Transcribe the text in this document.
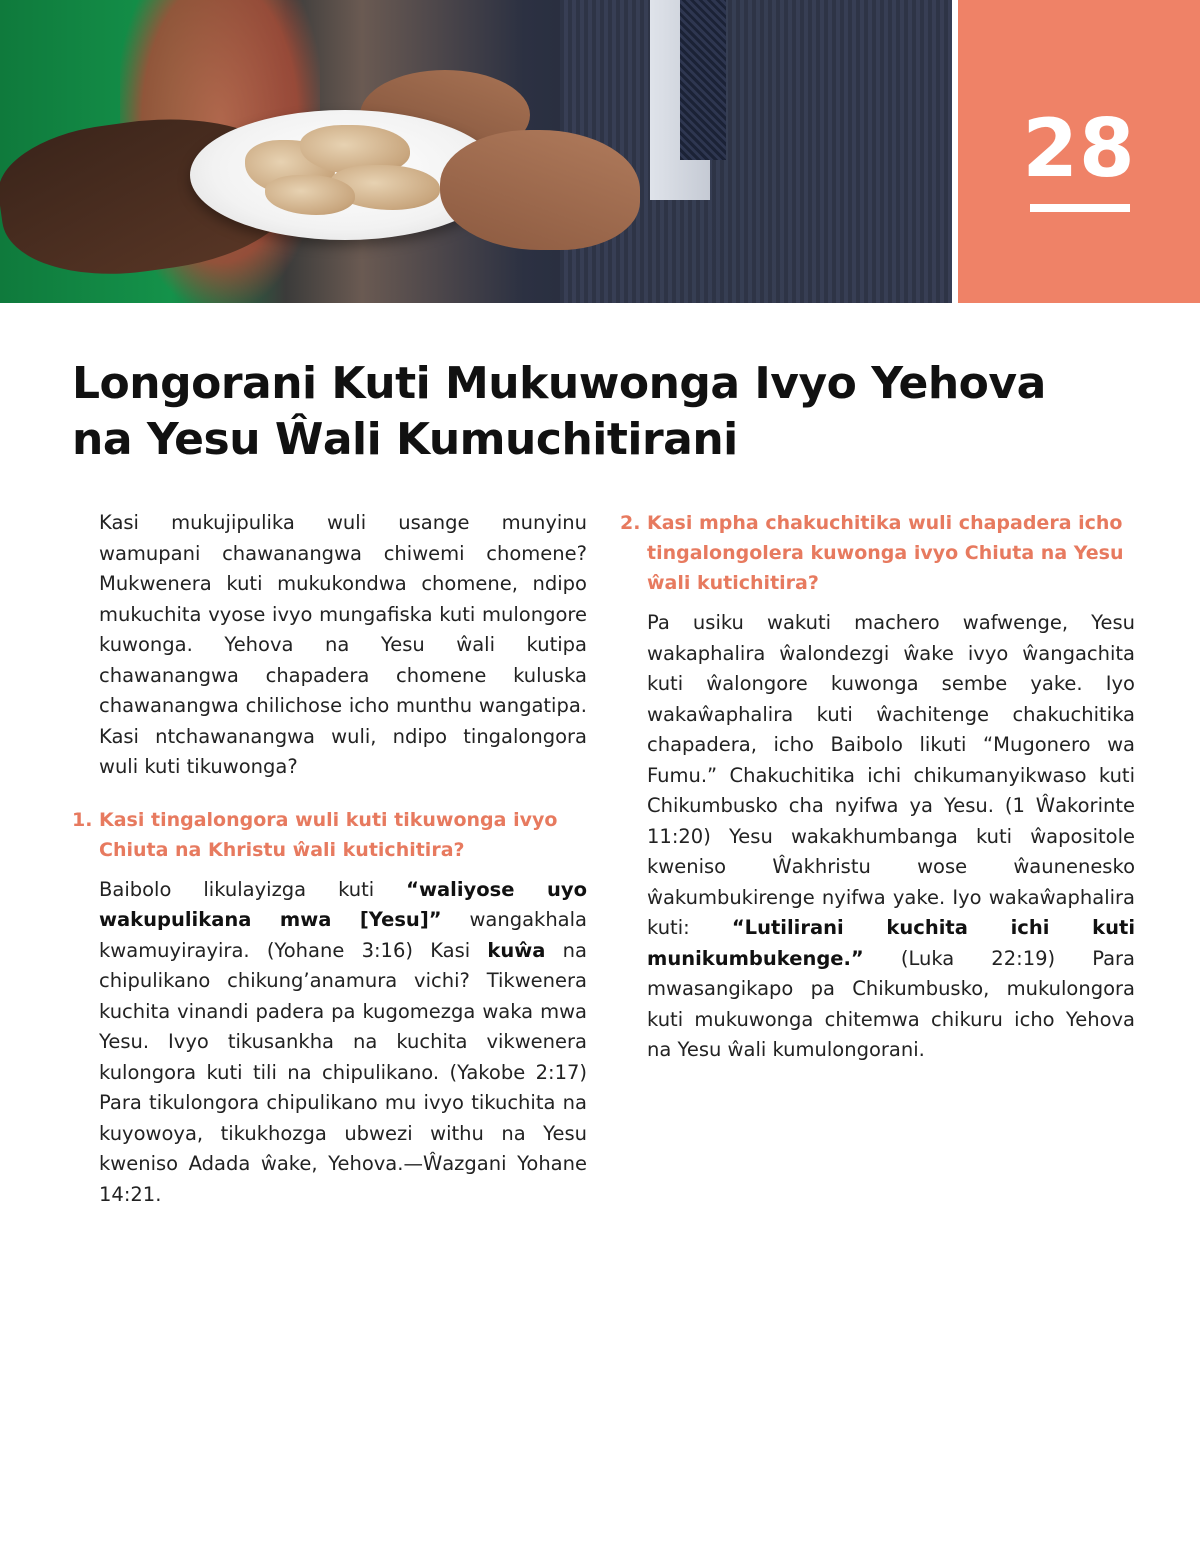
28
Longorani Kuti Mukuwonga Ivyo Yehova
na Yesu Ŵali Kumuchitirani

Kasi mukujipulika wuli usange munyinu wamupani chawanangwa chiwemi chomene? Mukwenera kuti mukukondwa chomene, ndipo mukuchita vyose ivyo mungafiska kuti mulongore kuwonga. Yehova na Yesu ŵali kutipa chawanangwa chapadera chomene kuluska chawanangwa chilichose icho munthu wangatipa. Kasi ntchawanangwa wuli, ndipo tingalongora wuli kuti tikuwonga?

1. Kasi tingalongora wuli kuti tikuwonga ivyo Chiuta na Khristu ŵali kutichitira?

Baibolo likulayizga kuti “waliyose uyo wakupulikana mwa [Yesu]” wangakhala kwamuyirayira. (Yohane 3:16) Kasi kuŵa na chipulikano chikung’anamura vichi? Tikwenera kuchita vinandi padera pa kugomezga waka mwa Yesu. Ivyo tikusankha na kuchita vikwenera kulongora kuti tili na chipulikano. (Yakobe 2:17) Para tikulongora chipulikano mu ivyo tikuchita na kuyowoya, tikukhozga ubwezi withu na Yesu kweniso Adada ŵake, Yehova.—Ŵazgani Yohane 14:21.

2. Kasi mpha chakuchitika wuli chapadera icho tingalongolera kuwonga ivyo Chiuta na Yesu ŵali kutichitira?

Pa usiku wakuti machero wafwenge, Yesu wakaphalira ŵalondezgi ŵake ivyo ŵangachita kuti ŵalongore kuwonga sembe yake. Iyo wakaŵaphalira kuti ŵachitenge chakuchitika chapadera, icho Baibolo likuti “Mugonero wa Fumu.” Chakuchitika ichi chikumanyikwaso kuti Chikumbusko cha nyifwa ya Yesu. (1 Ŵakorinte 11:20) Yesu wakakhumbanga kuti ŵapositole kweniso Ŵakhristu wose ŵaunenesko ŵakumbukirenge nyifwa yake. Iyo wakaŵaphalira kuti: “Lutilirani kuchita ichi kuti munikumbukenge.” (Luka 22:19) Para mwasangikapo pa Chikumbusko, mukulongora kuti mukuwonga chitemwa chikuru icho Yehova na Yesu ŵali kumulongorani.
